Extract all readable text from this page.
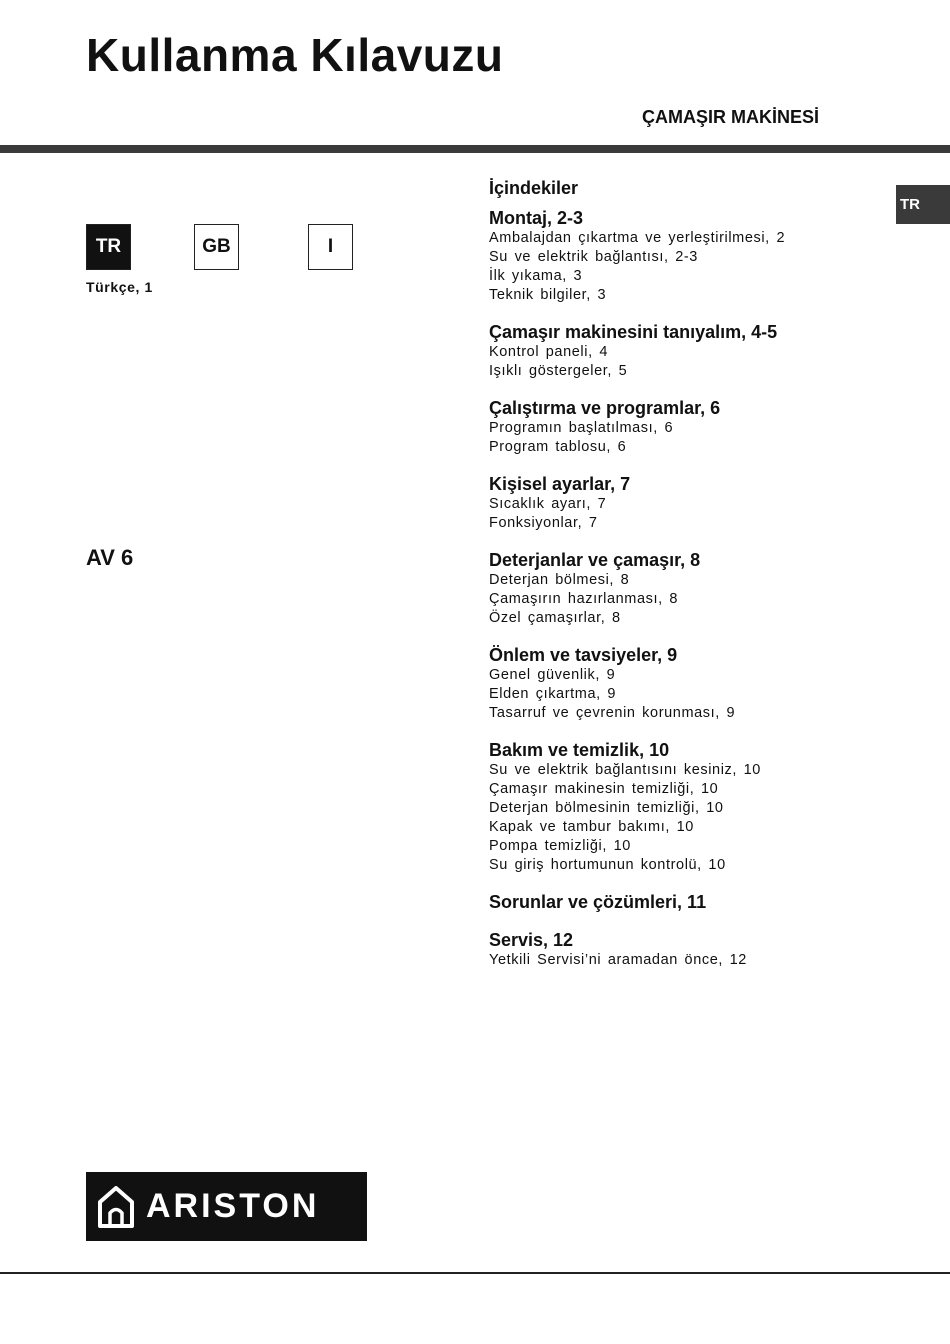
Kullanma Kılavuzu
ÇAMAŞIR MAKİNESİ
TR
TR	GB	I
Türkçe, 1
AV 6
İçindekiler
Montaj, 2-3
Ambalajdan çıkartma ve yerleştirilmesi, 2
Su ve elektrik bağlantısı, 2-3
İlk yıkama, 3
Teknik bilgiler, 3
Çamaşır makinesini tanıyalım, 4-5
Kontrol paneli, 4
Işıklı göstergeler, 5
Çalıştırma ve programlar, 6
Programın başlatılması, 6
Program tablosu, 6
Kişisel ayarlar, 7
Sıcaklık ayarı, 7
Fonksiyonlar, 7
Deterjanlar ve çamaşır, 8
Deterjan bölmesi, 8
Çamaşırın hazırlanması, 8
Özel çamaşırlar, 8
Önlem ve tavsiyeler, 9
Genel güvenlik, 9
Elden çıkartma, 9
Tasarruf ve çevrenin korunması, 9
Bakım ve temizlik, 10
Su ve elektrik bağlantısını kesiniz, 10
Çamaşır makinesin temizliği, 10
Deterjan bölmesinin temizliği, 10
Kapak ve tambur bakımı, 10
Pompa temizliği, 10
Su giriş hortumunun kontrolü, 10
Sorunlar ve çözümleri, 11
Servis, 12
Yetkili Servisi’ni aramadan önce, 12
ARISTON
